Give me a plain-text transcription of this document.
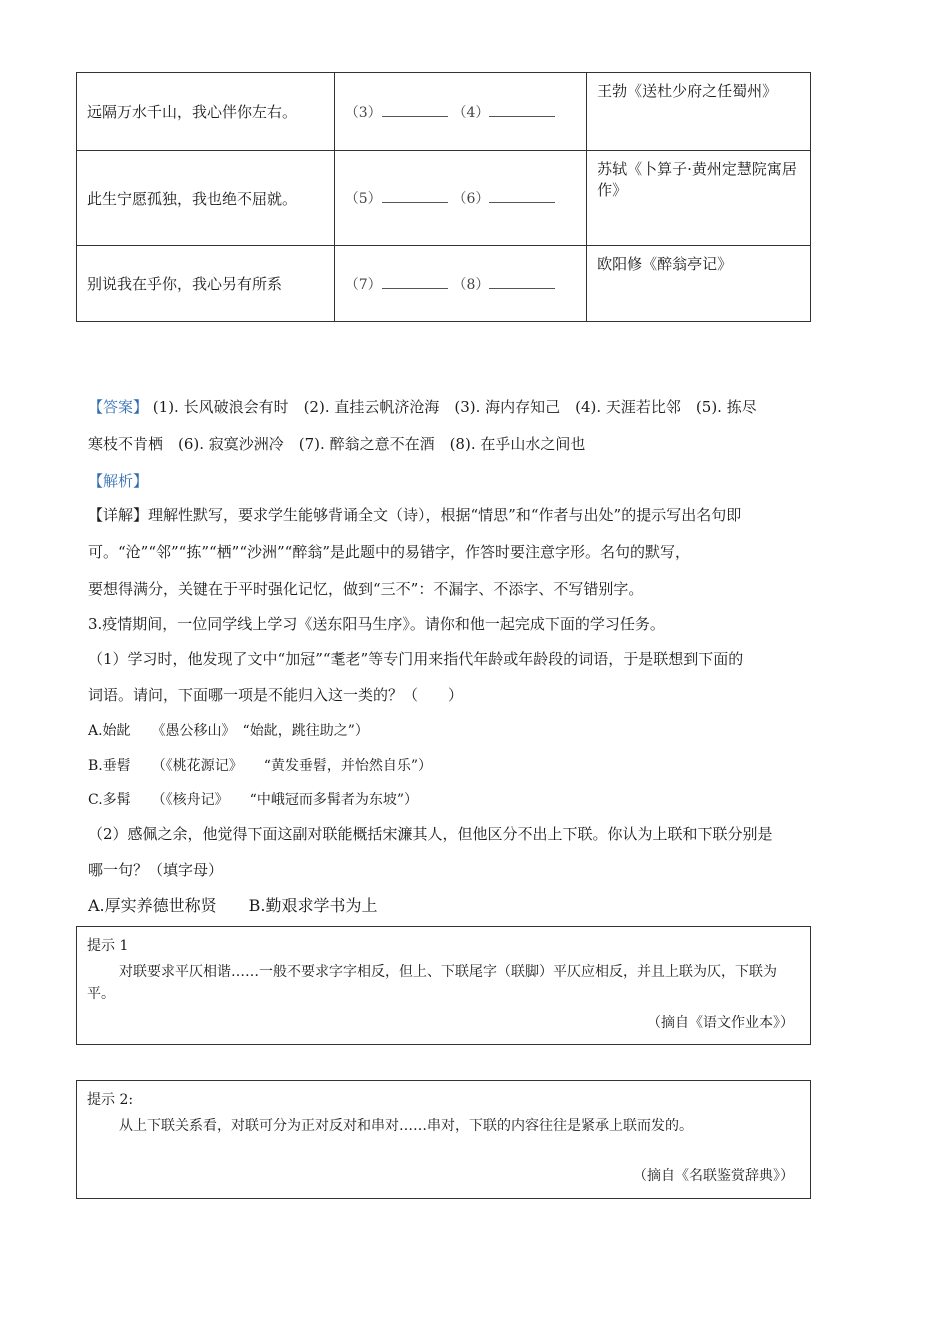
远隔万水千山，我心伴你左右。	（3） （4）	王勃《送杜少府之任蜀州》
此生宁愿孤独，我也绝不屈就。	（5） （6）	苏轼《卜算子·黄州定慧院寓居作》
别说我在乎你，我心另有所系	（7） （8）	欧阳修《醉翁亭记》
【答案】 (1). 长风破浪会有时　(2). 直挂云帆济沧海　(3). 海内存知己　(4). 天涯若比邻　(5). 拣尽
寒枝不肯栖　(6). 寂寞沙洲冷　(7). 醉翁之意不在酒　(8). 在乎山水之间也
【解析】
【详解】理解性默写，要求学生能够背诵全文（诗），根据“情思”和“作者与出处”的提示写出名句即
可。“沧”“邻”“拣”“栖”“沙洲”“醉翁”是此题中的易错字，作答时要注意字形。名句的默写，
要想得满分，关键在于平时强化记忆，做到“三不”：不漏字、不添字、不写错别字。
3.疫情期间，一位同学线上学习《送东阳马生序》。请你和他一起完成下面的学习任务。
（1）学习时，他发现了文中“加冠”“耄老”等专门用来指代年龄或年龄段的词语，于是联想到下面的
词语。请问，下面哪一项是不能归入这一类的？（　　）
A.始龀　　《愚公移山》　“始龀，跳往助之”）
B.垂髫　　（《桃花源记》　　“黄发垂髫，并怡然自乐”）
C.多髯　　（《核舟记》　　“中峨冠而多髯者为东坡”）
（2）感佩之余，他觉得下面这副对联能概括宋濂其人，但他区分不出上下联。你认为上联和下联分别是
哪一句？（填字母）
A.厚实养德世称贤　　B.勤艰求学书为上
提示 1
对联要求平仄相谐……一般不要求字字相反，但上、下联尾字（联脚）平仄应相反，并且上联为仄，下联为平。
（摘自《语文作业本》）
提示 2:
从上下联关系看，对联可分为正对反对和串对……串对，下联的内容往往是紧承上联而发的。
（摘自《名联鉴赏辞典》）
